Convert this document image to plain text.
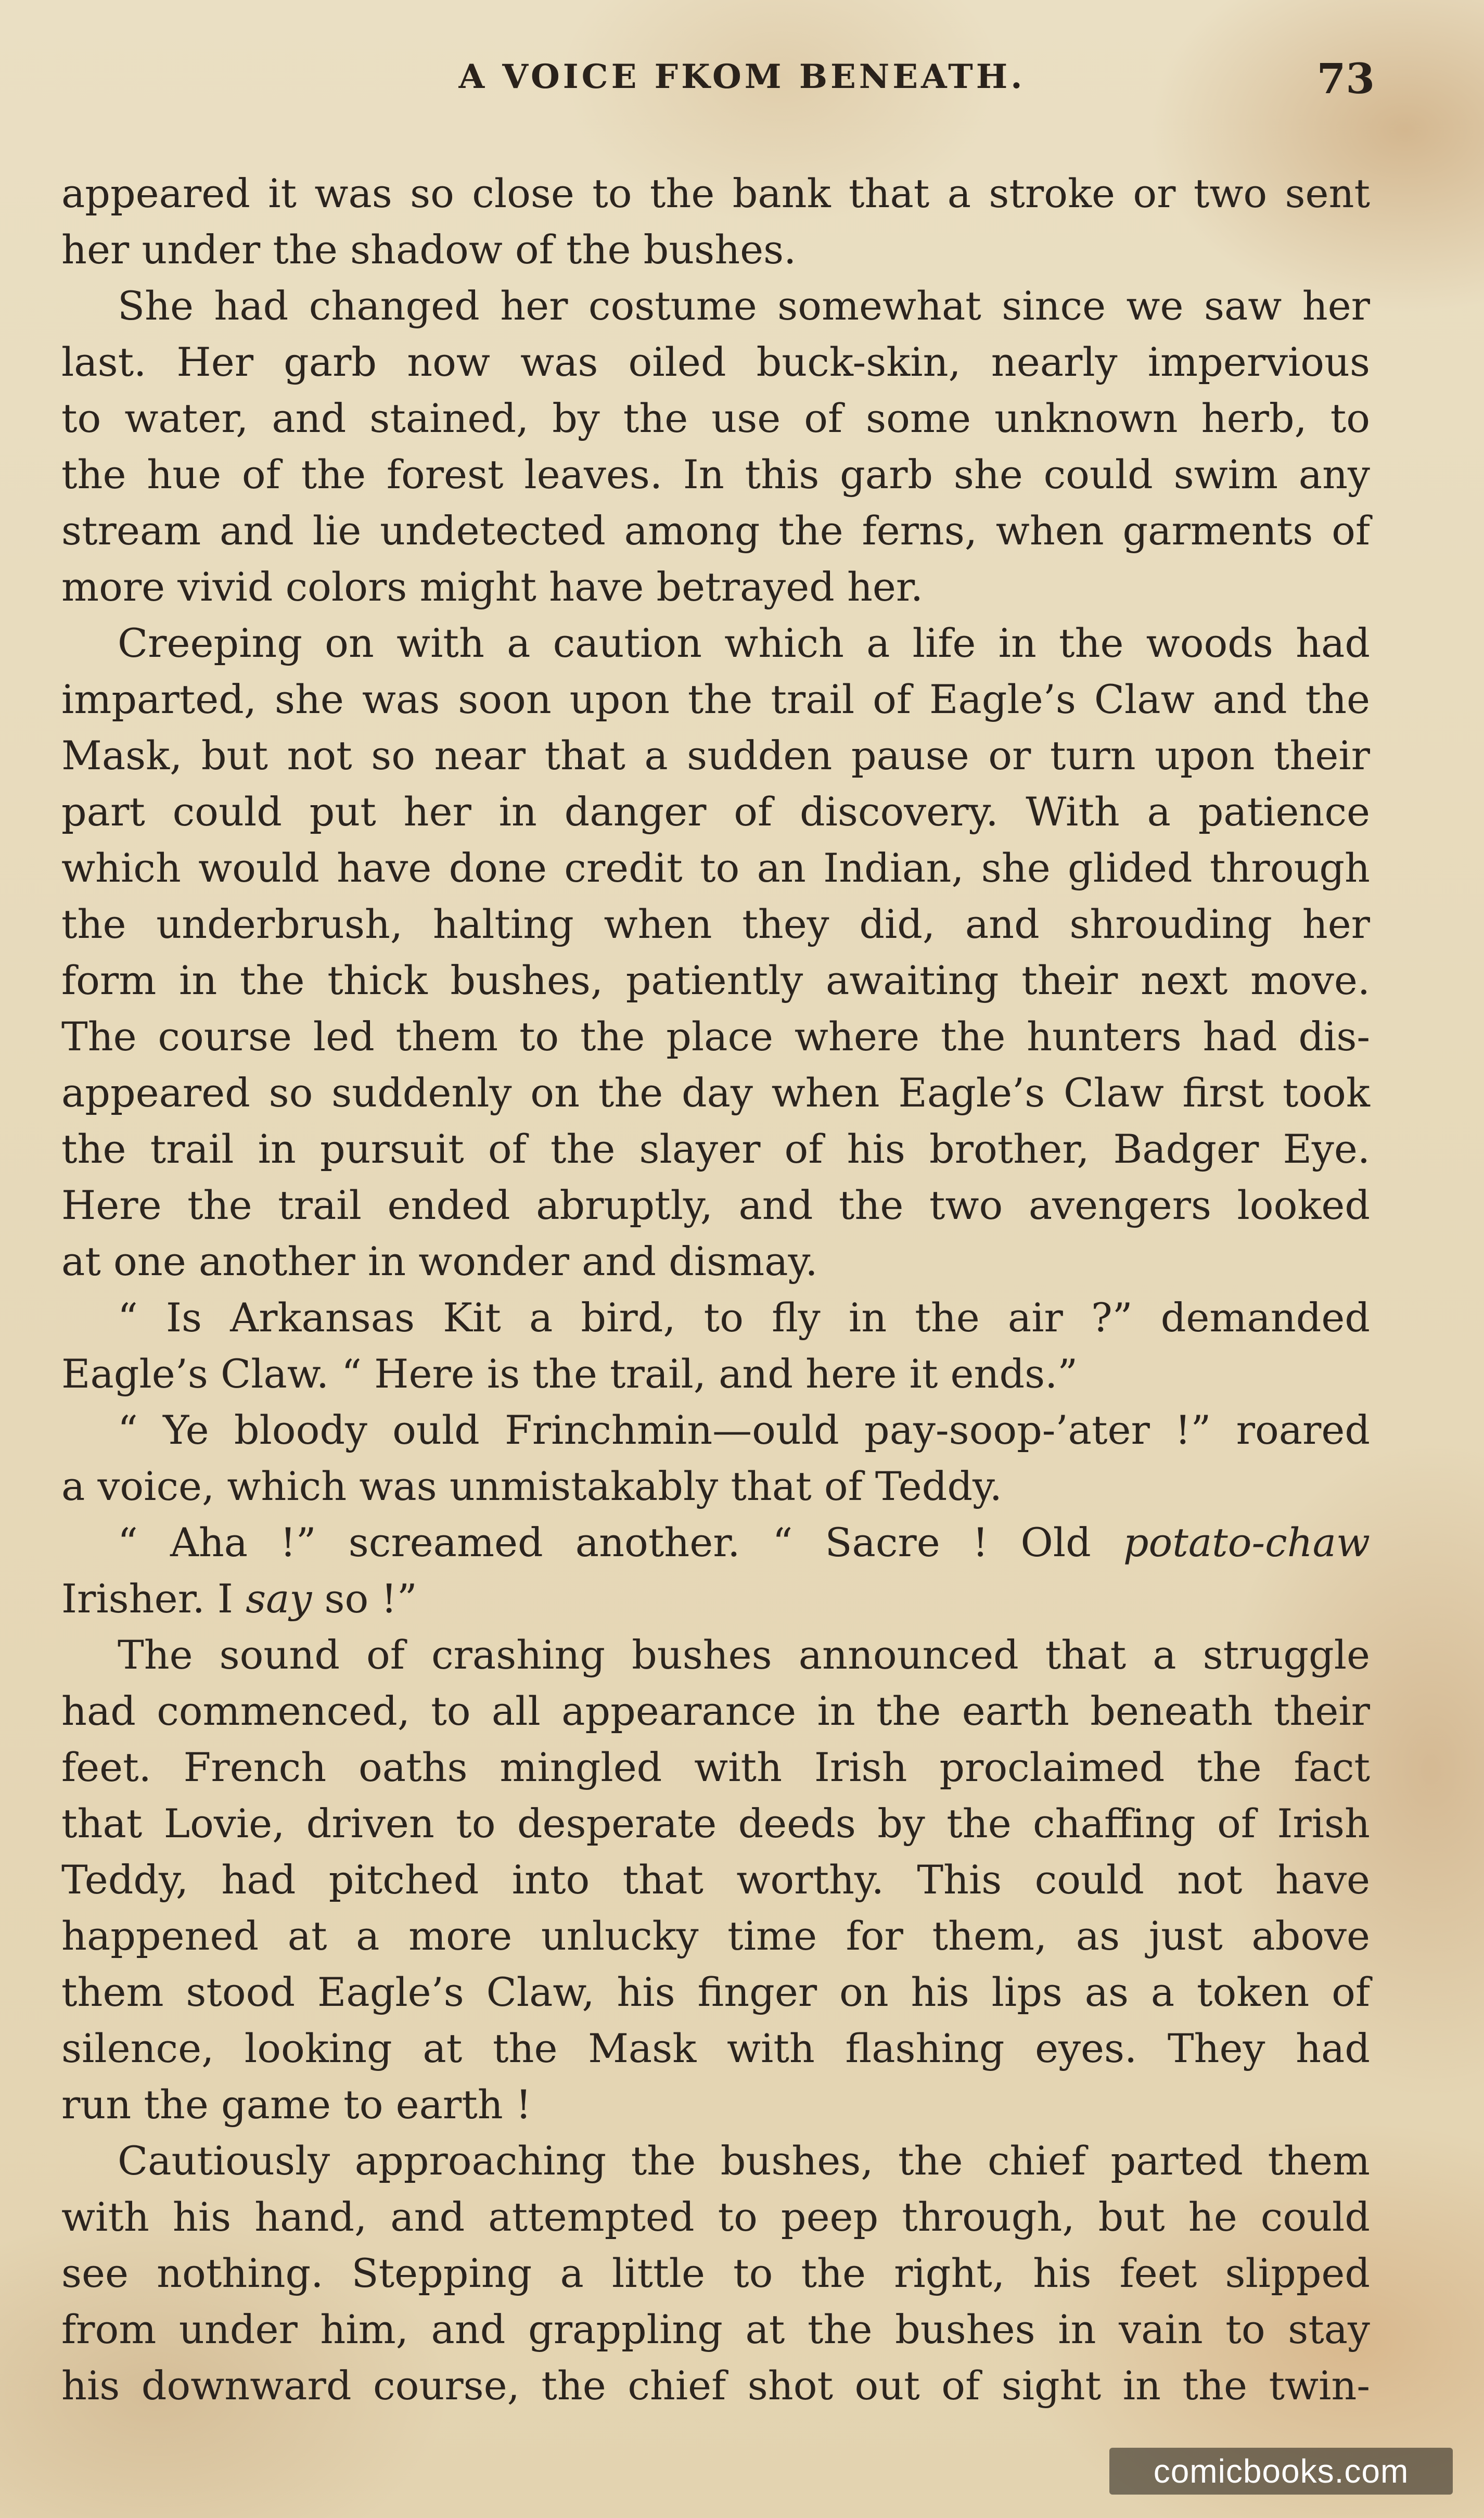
A VOICE FKOM BENEATH.	73
appeared it was so close to the bank that a stroke or two sent
her under the shadow of the bushes.
She had changed her costume somewhat since we saw her
last. Her garb now was oiled buck-skin, nearly impervious
to water, and stained, by the use of some unknown herb, to
the hue of the forest leaves. In this garb she could swim any
stream and lie undetected among the ferns, when garments of
more vivid colors might have betrayed her.
Creeping on with a caution which a life in the woods had
imparted, she was soon upon the trail of Eagle’s Claw and the
Mask, but not so near that a sudden pause or turn upon their
part could put her in danger of discovery. With a patience
which would have done credit to an Indian, she glided through
the underbrush, halting when they did, and shrouding her
form in the thick bushes, patiently awaiting their next move.
The course led them to the place where the hunters had dis-
appeared so suddenly on the day when Eagle’s Claw first took
the trail in pursuit of the slayer of his brother, Badger Eye.
Here the trail ended abruptly, and the two avengers looked
at one another in wonder and dismay.
“ Is Arkansas Kit a bird, to fly in the air ?” demanded
Eagle’s Claw. “ Here is the trail, and here it ends.”
“ Ye bloody ould Frinchmin—ould pay-soop-’ater !” roared
a voice, which was unmistakably that of Teddy.
“ Aha !” screamed another. “ Sacre ! Old potato-chaw
Irisher. I say so !”
The sound of crashing bushes announced that a struggle
had commenced, to all appearance in the earth beneath their
feet. French oaths mingled with Irish proclaimed the fact
that Lovie, driven to desperate deeds by the chaffing of Irish
Teddy, had pitched into that worthy. This could not have
happened at a more unlucky time for them, as just above
them stood Eagle’s Claw, his finger on his lips as a token of
silence, looking at the Mask with flashing eyes. They had
run the game to earth !
Cautiously approaching the bushes, the chief parted them
with his hand, and attempted to peep through, but he could
see nothing. Stepping a little to the right, his feet slipped
from under him, and grappling at the bushes in vain to stay
his downward course, the chief shot out of sight in the twin-
comicbooks.com
